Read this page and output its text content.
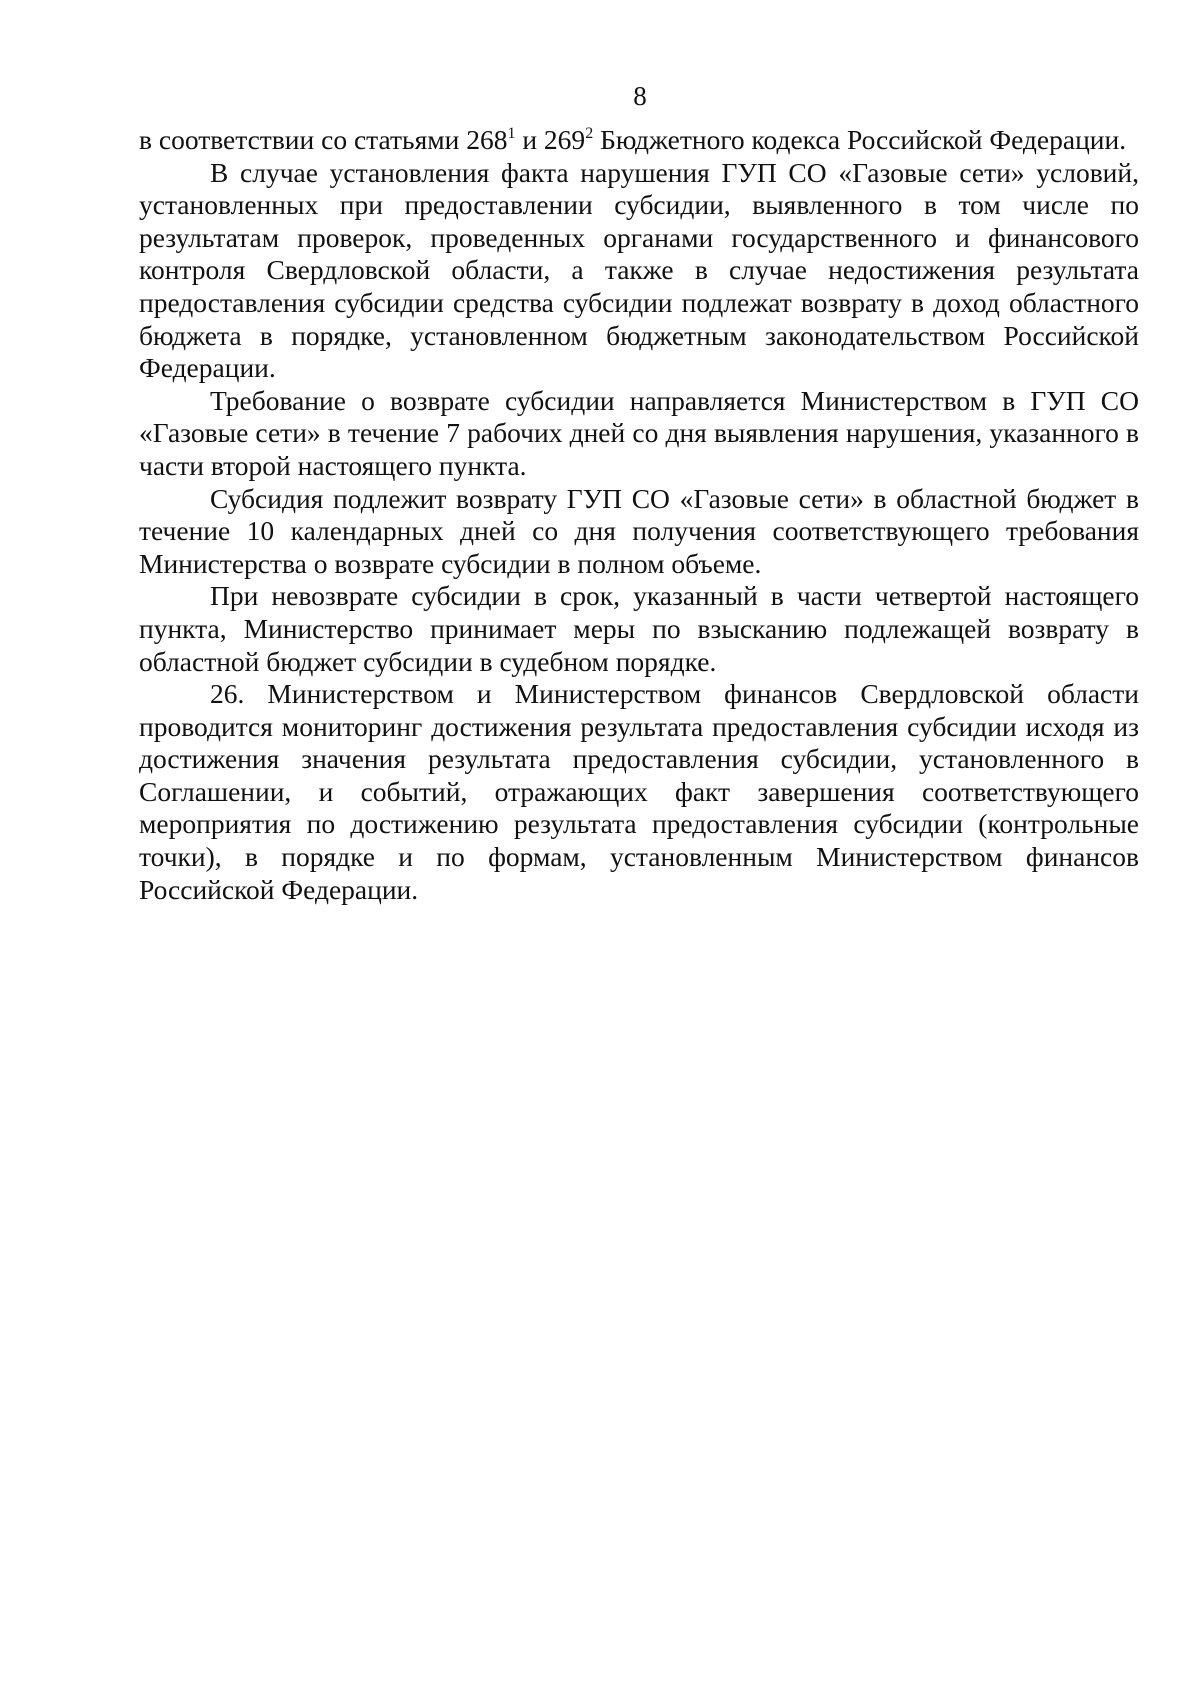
8

в соответствии со статьями $268^1$ и $269^2$ Бюджетного кодекса Российской Федерации.

В случае установления факта нарушения ГУП СО «Газовые сети» условий, установленных при предоставлении субсидии, выявленного в том числе по результатам проверок, проведенных органами государственного и финансового контроля Свердловской области, а также в случае недостижения результата предоставления субсидии средства субсидии подлежат возврату в доход областного бюджета в порядке, установленном бюджетным законодательством Российской Федерации.

Требование о возврате субсидии направляется Министерством в ГУП СО «Газовые сети» в течение 7 рабочих дней со дня выявления нарушения, указанного в части второй настоящего пункта.

Субсидия подлежит возврату ГУП СО «Газовые сети» в областной бюджет в течение 10 календарных дней со дня получения соответствующего требования Министерства о возврате субсидии в полном объеме.

При невозврате субсидии в срок, указанный в части четвертой настоящего пункта, Министерство принимает меры по взысканию подлежащей возврату в областной бюджет субсидии в судебном порядке.

26. Министерством и Министерством финансов Свердловской области проводится мониторинг достижения результата предоставления субсидии исходя из достижения значения результата предоставления субсидии, установленного в Соглашении, и событий, отражающих факт завершения соответствующего мероприятия по достижению результата предоставления субсидии (контрольные точки), в порядке и по формам, установленным Министерством финансов Российской Федерации.
